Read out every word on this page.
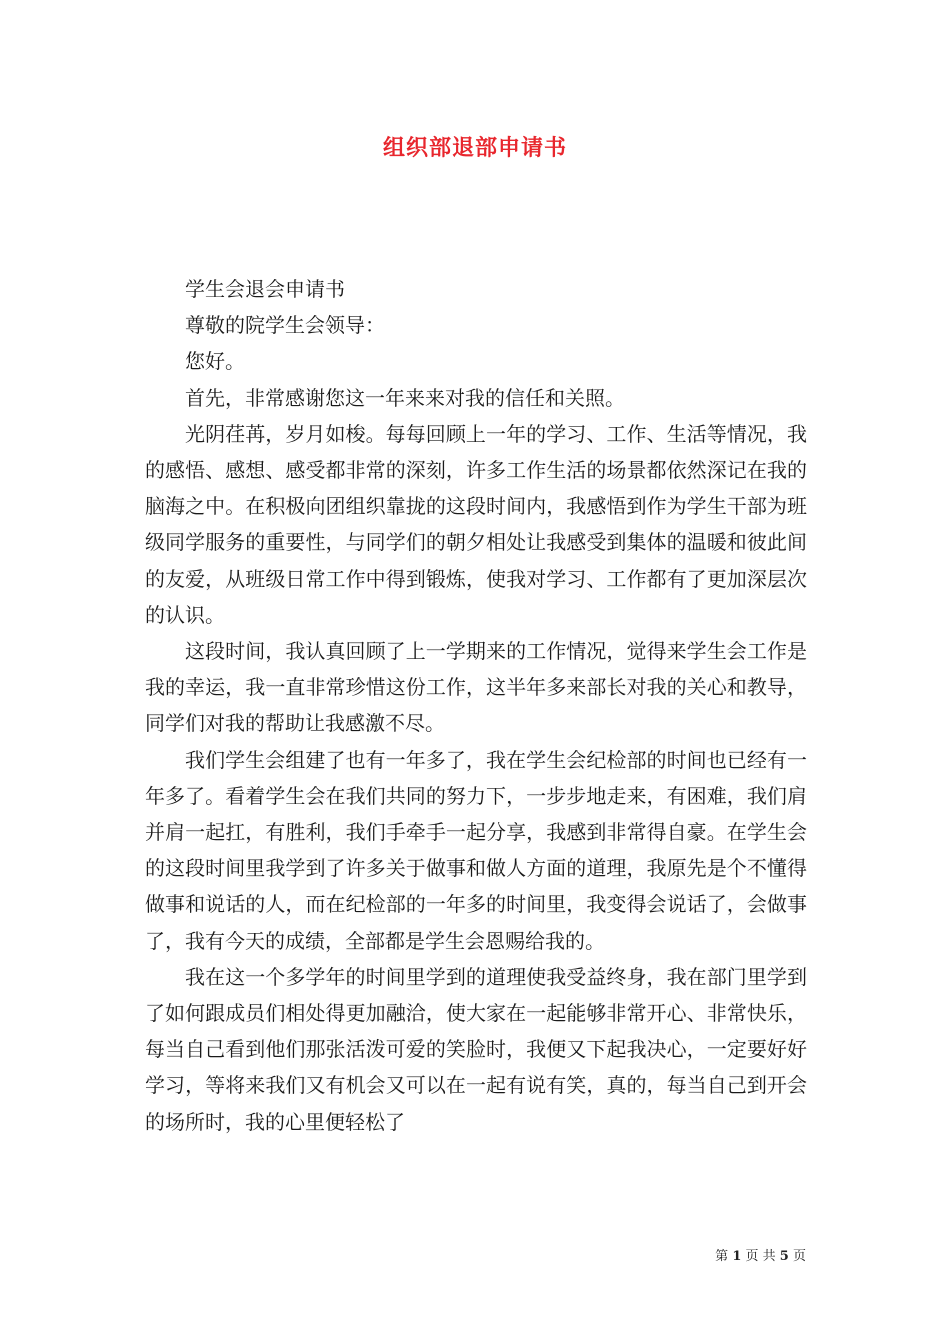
组织部退部申请书

学生会退会申请书

尊敬的院学生会领导：

您好。

首先，非常感谢您这一年来来对我的信任和关照。

光阴荏苒，岁月如梭。每每回顾上一年的学习、工作、生活等情况，我的感悟、感想、感受都非常的深刻，许多工作生活的场景都依然深记在我的脑海之中。在积极向团组织靠拢的这段时间内，我感悟到作为学生干部为班级同学服务的重要性，与同学们的朝夕相处让我感受到集体的温暖和彼此间的友爱，从班级日常工作中得到锻炼，使我对学习、工作都有了更加深层次的认识。

这段时间，我认真回顾了上一学期来的工作情况，觉得来学生会工作是我的幸运，我一直非常珍惜这份工作，这半年多来部长对我的关心和教导，同学们对我的帮助让我感激不尽。

我们学生会组建了也有一年多了，我在学生会纪检部的时间也已经有一年多了。看着学生会在我们共同的努力下，一步步地走来，有困难，我们肩并肩一起扛，有胜利，我们手牵手一起分享，我感到非常得自豪。在学生会的这段时间里我学到了许多关于做事和做人方面的道理，我原先是个不懂得做事和说话的人，而在纪检部的一年多的时间里，我变得会说话了，会做事了，我有今天的成绩，全部都是学生会恩赐给我的。

我在这一个多学年的时间里学到的道理使我受益终身，我在部门里学到了如何跟成员们相处得更加融洽，使大家在一起能够非常开心、非常快乐，每当自己看到他们那张活泼可爱的笑脸时，我便又下起我决心，一定要好好学习，等将来我们又有机会又可以在一起有说有笑，真的，每当自己到开会的场所时，我的心里便轻松了

第 1 页 共 5 页
